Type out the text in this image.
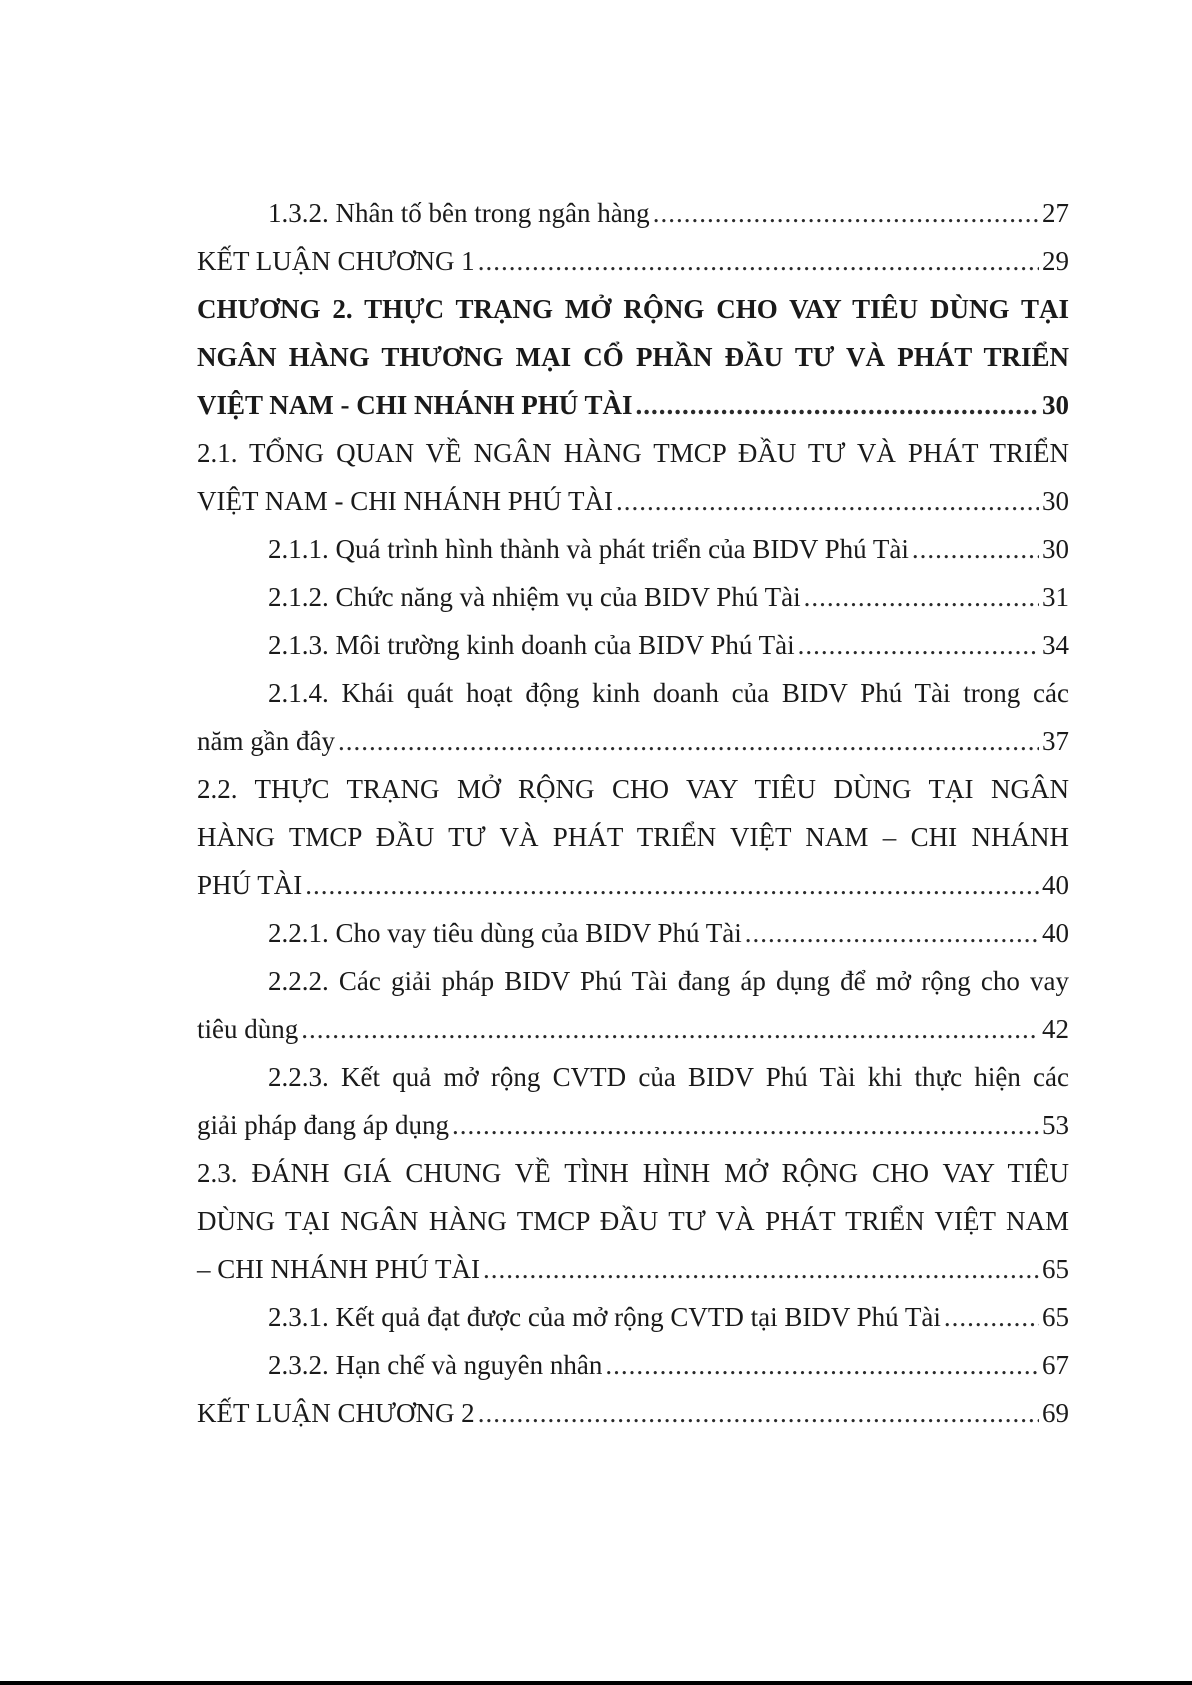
1.3.2. Nhân tố bên trong ngân hàng .....	27
KẾT LUẬN CHƯƠNG 1 .....	29
CHƯƠNG 2. THỰC TRẠNG MỞ RỘNG CHO VAY TIÊU DÙNG TẠI
NGÂN HÀNG THƯƠNG MẠI CỔ PHẦN ĐẦU TƯ VÀ PHÁT TRIỂN
VIỆT NAM - CHI NHÁNH PHÚ TÀI .....	30
2.1. TỔNG QUAN VỀ NGÂN HÀNG TMCP ĐẦU TƯ VÀ PHÁT TRIỂN
VIỆT NAM - CHI NHÁNH PHÚ TÀI .....	30
2.1.1. Quá trình hình thành và phát triển của BIDV Phú Tài .....	30
2.1.2. Chức năng và nhiệm vụ của BIDV Phú Tài .....	31
2.1.3. Môi trường kinh doanh của BIDV Phú Tài .....	34
2.1.4. Khái quát hoạt động kinh doanh của BIDV Phú Tài trong các
năm gần đây .....	37
2.2. THỰC TRẠNG MỞ RỘNG CHO VAY TIÊU DÙNG TẠI NGÂN
HÀNG TMCP ĐẦU TƯ VÀ PHÁT TRIỂN VIỆT NAM – CHI NHÁNH
PHÚ TÀI .....	40
2.2.1. Cho vay tiêu dùng của BIDV Phú Tài .....	40
2.2.2. Các giải pháp BIDV Phú Tài đang áp dụng để mở rộng cho vay
tiêu dùng .....	42
2.2.3. Kết quả mở rộng CVTD của BIDV Phú Tài khi thực hiện các
giải pháp đang áp dụng .....	53
2.3. ĐÁNH GIÁ CHUNG VỀ TÌNH HÌNH MỞ RỘNG CHO VAY TIÊU
DÙNG TẠI NGÂN HÀNG TMCP ĐẦU TƯ VÀ PHÁT TRIỂN VIỆT NAM
– CHI NHÁNH PHÚ TÀI .....	65
2.3.1. Kết quả đạt được của mở rộng CVTD tại BIDV Phú Tài .....	65
2.3.2. Hạn chế và nguyên nhân .....	67
KẾT LUẬN CHƯƠNG 2 .....	69
